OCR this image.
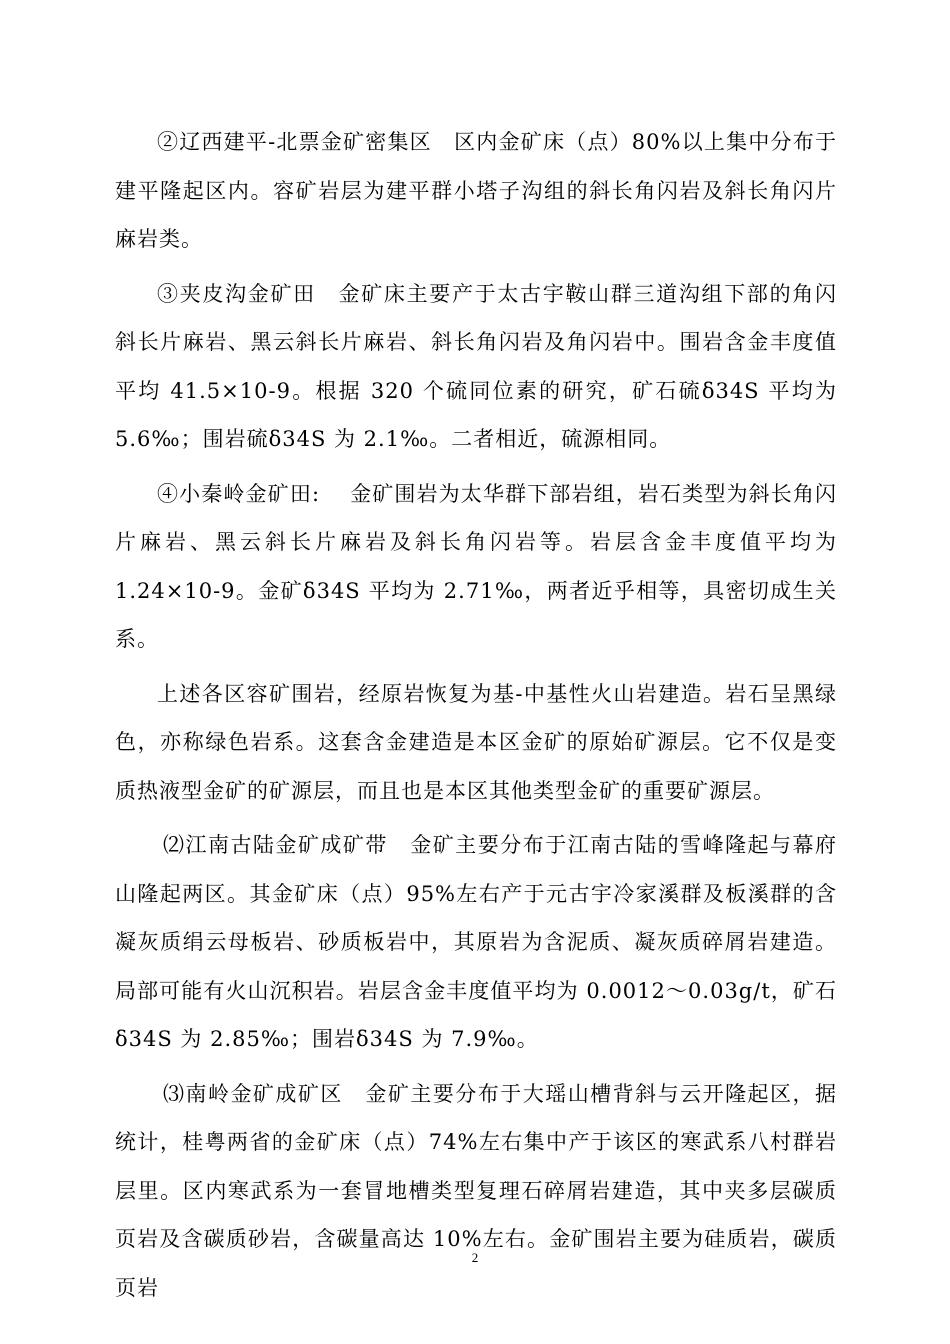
②辽西建平-北票金矿密集区　区内金矿床（点）80%以上集中分布于建平隆起区内。容矿岩层为建平群小塔子沟组的斜长角闪岩及斜长角闪片麻岩类。

③夹皮沟金矿田　金矿床主要产于太古宇鞍山群三道沟组下部的角闪斜长片麻岩、黑云斜长片麻岩、斜长角闪岩及角闪岩中。围岩含金丰度值平均 41.5×10-9。根据 320 个硫同位素的研究，矿石硫δ34S 平均为 5.6‰；围岩硫δ34S 为 2.1‰。二者相近，硫源相同。

④小秦岭金矿田:　 金矿围岩为太华群下部岩组，岩石类型为斜长角闪片麻岩、黑云斜长片麻岩及斜长角闪岩等。岩层含金丰度值平均为 1.24×10-9。金矿δ34S 平均为 2.71‰，两者近乎相等，具密切成生关系。

上述各区容矿围岩，经原岩恢复为基-中基性火山岩建造。岩石呈黑绿色，亦称绿色岩系。这套含金建造是本区金矿的原始矿源层。它不仅是变质热液型金矿的矿源层，而且也是本区其他类型金矿的重要矿源层。

⑵江南古陆金矿成矿带　金矿主要分布于江南古陆的雪峰隆起与幕府山隆起两区。其金矿床（点）95%左右产于元古宇冷家溪群及板溪群的含凝灰质绢云母板岩、砂质板岩中，其原岩为含泥质、凝灰质碎屑岩建造。局部可能有火山沉积岩。岩层含金丰度值平均为 0.0012～0.03g/t，矿石δ34S 为 2.85‰；围岩δ34S 为 7.9‰。

⑶南岭金矿成矿区　金矿主要分布于大瑶山槽背斜与云开隆起区，据统计，桂粤两省的金矿床（点）74%左右集中产于该区的寒武系八村群岩层里。区内寒武系为一套冒地槽类型复理石碎屑岩建造，其中夹多层碳质页岩及含碳质砂岩，含碳量高达 10%左右。金矿围岩主要为硅质岩，碳质页岩

2
